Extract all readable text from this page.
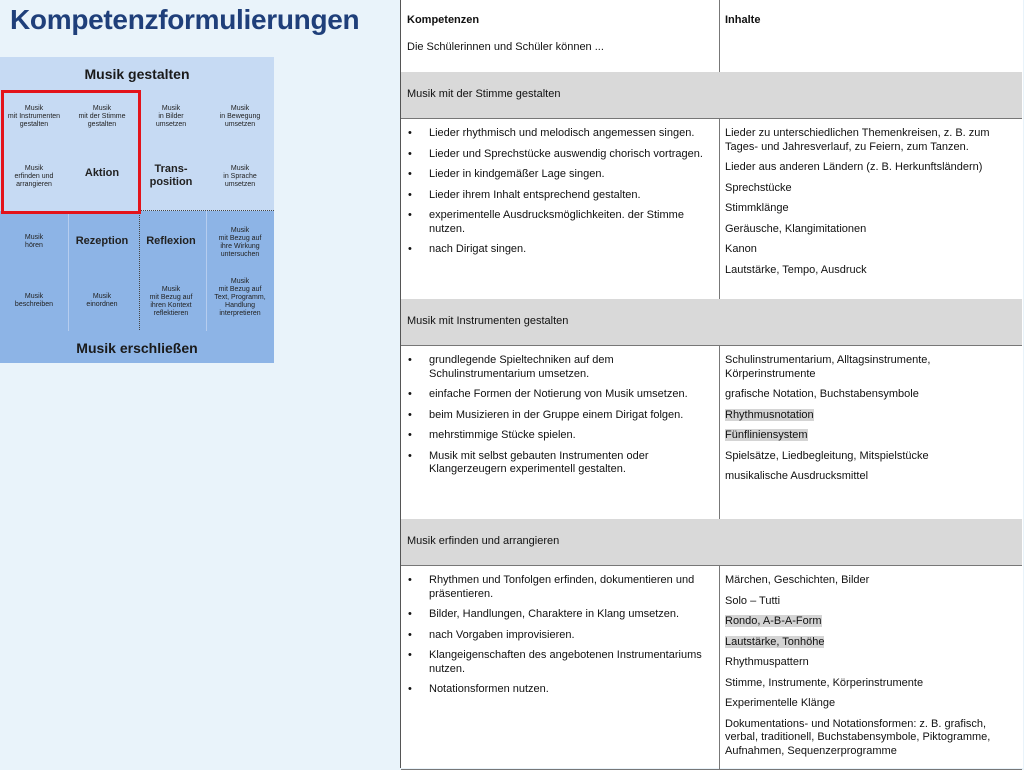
Kompetenzformulierungen
Musik gestalten
Musik erschließen
Musik
mit Instrumenten
gestalten
Musik
mit der Stimme
gestalten
Musik
in Bilder
umsetzen
Musik
in Bewegung
umsetzen
Musik
erfinden und
arrangieren
Aktion	Trans-
position
Musik
in Sprache
umsetzen
Musik
hören	Rezeption	Reflexion
Musik
mit Bezug auf
ihre Wirkung
untersuchen
Musik
beschreiben
Musik
einordnen
Musik
mit Bezug auf
ihren Kontext
reflektieren
Musik
mit Bezug auf
Text, Programm,
Handlung
interpretieren
Kompetenzen
Die Schülerinnen und Schüler können ...
Inhalte
Musik mit der Stimme gestalten
• Lieder rhythmisch und melodisch angemessen singen.
• Lieder und Sprechstücke auswendig chorisch vortragen.
• Lieder in kindgemäßer Lage singen.
• Lieder ihrem Inhalt entsprechend gestalten.
• experimentelle Ausdrucksmöglichkeiten. der Stimme nutzen.
• nach Dirigat singen.
Lieder zu unterschiedlichen Themenkreisen, z. B. zum Tages- und Jahresverlauf, zu Feiern, zum Tanzen.
Lieder aus anderen Ländern (z. B. Herkunftsländern)
Sprechstücke
Stimmklänge
Geräusche, Klangimitationen
Kanon
Lautstärke, Tempo, Ausdruck
Musik mit Instrumenten gestalten
• grundlegende Spieltechniken auf dem Schulinstrumentarium umsetzen.
• einfache Formen der Notierung von Musik umsetzen.
• beim Musizieren in der Gruppe einem Dirigat folgen.
• mehrstimmige Stücke spielen.
• Musik mit selbst gebauten Instrumenten oder Klangerzeugern experimentell gestalten.
Schulinstrumentarium, Alltagsinstrumente, Körperinstrumente
grafische Notation, Buchstabensymbole
Rhythmusnotation
Fünfliniensystem
Spielsätze, Liedbegleitung, Mitspielstücke
musikalische Ausdrucksmittel
Musik erfinden und arrangieren
• Rhythmen und Tonfolgen erfinden, dokumentieren und präsentieren.
• Bilder, Handlungen, Charaktere in Klang umsetzen.
• nach Vorgaben improvisieren.
• Klangeigenschaften des angebotenen Instrumentariums nutzen.
• Notationsformen nutzen.
Märchen, Geschichten, Bilder
Solo – Tutti
Rondo, A-B-A-Form
Lautstärke, Tonhöhe
Rhythmuspattern
Stimme, Instrumente, Körperinstrumente
Experimentelle Klänge
Dokumentations- und Notationsformen: z. B. grafisch, verbal, traditionell, Buchstabensymbole, Piktogramme, Aufnahmen, Sequenzerprogramme
